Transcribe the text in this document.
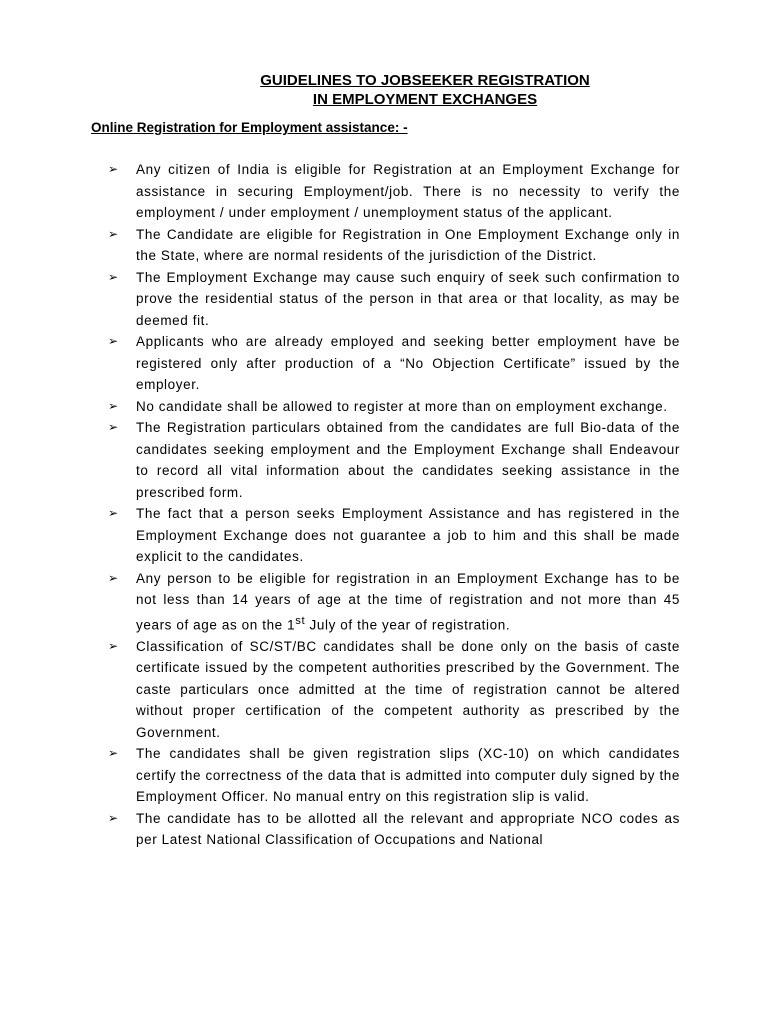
GUIDELINES TO JOBSEEKER REGISTRATION
IN EMPLOYMENT EXCHANGES
Online Registration for Employment assistance: -
➢ Any citizen of India is eligible for Registration at an Employment Exchange for assistance in securing Employment/job. There is no necessity to verify the employment / under employment / unemployment status of the applicant.
➢ The Candidate are eligible for Registration in One Employment Exchange only in the State, where are normal residents of the jurisdiction of the District.
➢ The Employment Exchange may cause such enquiry of seek such confirmation to prove the residential status of the person in that area or that locality, as may be deemed fit.
➢ Applicants who are already employed and seeking better employment have be registered only after production of a “No Objection Certificate” issued by the employer.
➢ No candidate shall be allowed to register at more than on employment exchange.
➢ The Registration particulars obtained from the candidates are full Bio-data of the candidates seeking employment and the Employment Exchange shall Endeavour to record all vital information about the candidates seeking assistance in the prescribed form.
➢ The fact that a person seeks Employment Assistance and has registered in the Employment Exchange does not guarantee a job to him and this shall be made explicit to the candidates.
➢ Any person to be eligible for registration in an Employment Exchange has to be not less than 14 years of age at the time of registration and not more than 45 years of age as on the 1st July of the year of registration.
➢ Classification of SC/ST/BC candidates shall be done only on the basis of caste certificate issued by the competent authorities prescribed by the Government. The caste particulars once admitted at the time of registration cannot be altered without proper certification of the competent authority as prescribed by the Government.
➢ The candidates shall be given registration slips (XC-10) on which candidates certify the correctness of the data that is admitted into computer duly signed by the Employment Officer. No manual entry on this registration slip is valid.
➢ The candidate has to be allotted all the relevant and appropriate NCO codes as per Latest National Classification of Occupations and National
